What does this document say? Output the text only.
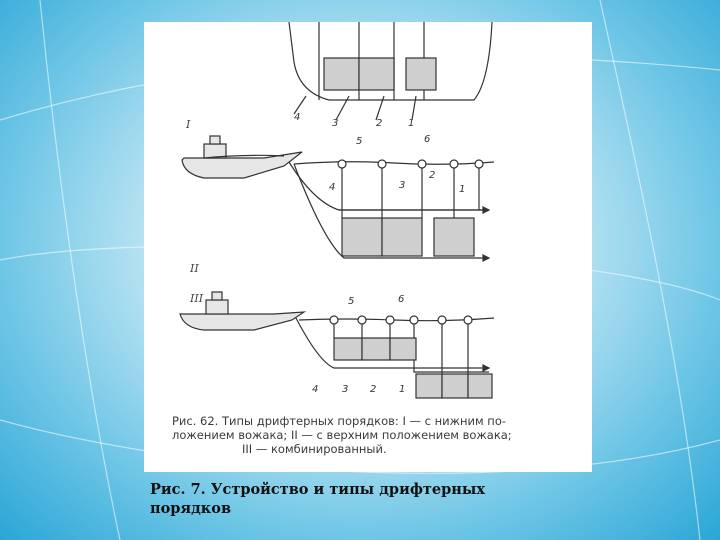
I
II
III
4
3	2	1
5	6
4	3
2
1
5	6
4 3 2 1
Рис. 62. Типы дрифтерных порядков: I — с нижним по-
ложением вожака; II — с верхним положением вожака;
III — комбинированный.
Рис. 7. Устройство и типы дрифтерных
порядков
